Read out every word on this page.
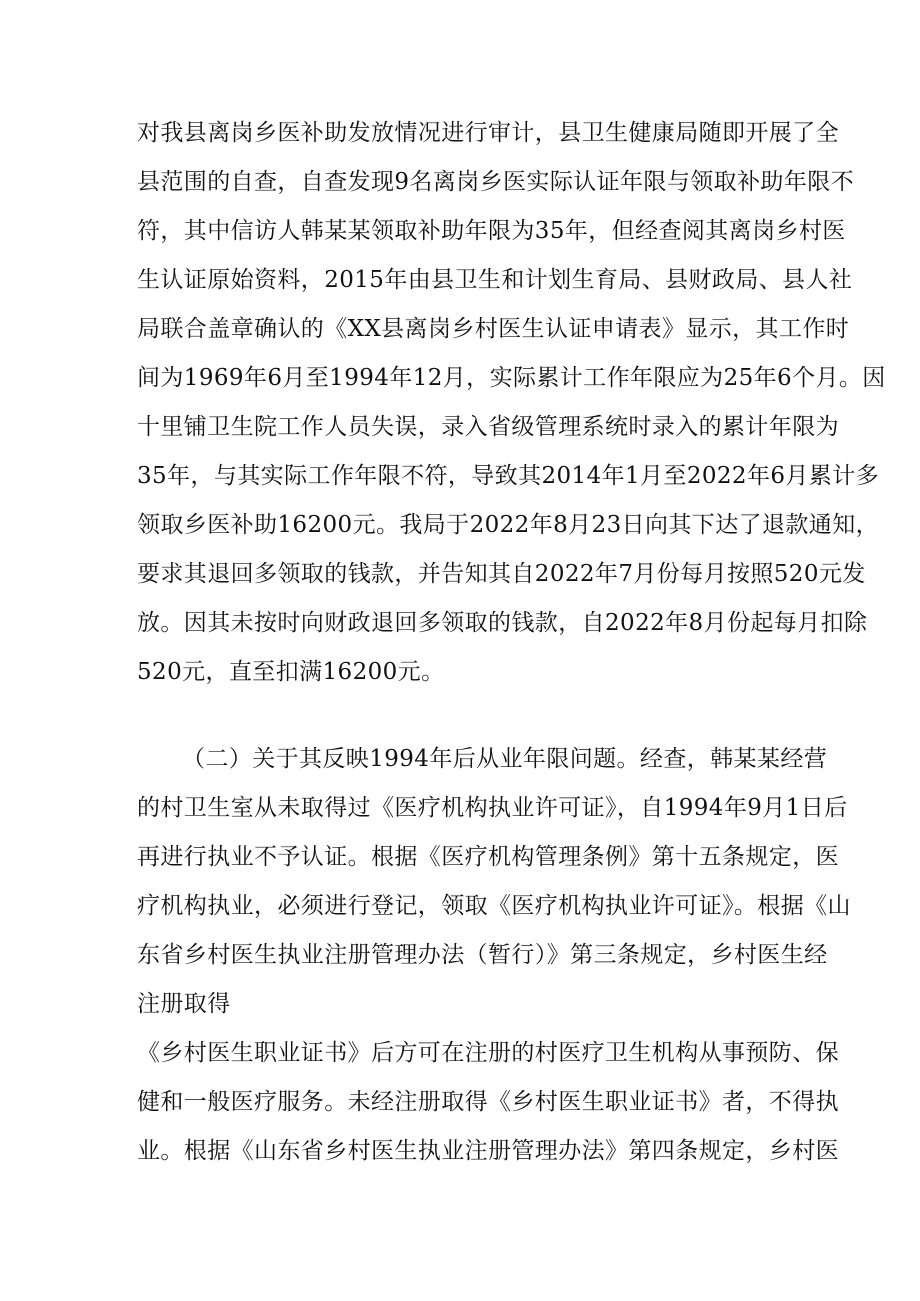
对我县离岗乡医补助发放情况进行审计，县卫生健康局随即开展了全
县范围的自查，自查发现9名离岗乡医实际认证年限与领取补助年限不
符，其中信访人韩某某领取补助年限为35年，但经查阅其离岗乡村医
生认证原始资料，2015年由县卫生和计划生育局、县财政局、县人社
局联合盖章确认的《XX县离岗乡村医生认证申请表》显示，其工作时
间为1969年6月至1994年12月，实际累计工作年限应为25年6个月。因
十里铺卫生院工作人员失误，录入省级管理系统时录入的累计年限为
35年，与其实际工作年限不符，导致其2014年1月至2022年6月累计多
领取乡医补助16200元。我局于2022年8月23日向其下达了退款通知，
要求其退回多领取的钱款，并告知其自2022年7月份每月按照520元发
放。因其未按时向财政退回多领取的钱款，自2022年8月份起每月扣除
520元，直至扣满16200元。
（二）关于其反映1994年后从业年限问题。经查，韩某某经营
的村卫生室从未取得过《医疗机构执业许可证》，自1994年9月1日后
再进行执业不予认证。根据《医疗机构管理条例》第十五条规定，医
疗机构执业，必须进行登记，领取《医疗机构执业许可证》。根据《山
东省乡村医生执业注册管理办法（暂行）》第三条规定，乡村医生经
注册取得
《乡村医生职业证书》后方可在注册的村医疗卫生机构从事预防、保
健和一般医疗服务。未经注册取得《乡村医生职业证书》者，不得执
业。根据《山东省乡村医生执业注册管理办法》第四条规定，乡村医
